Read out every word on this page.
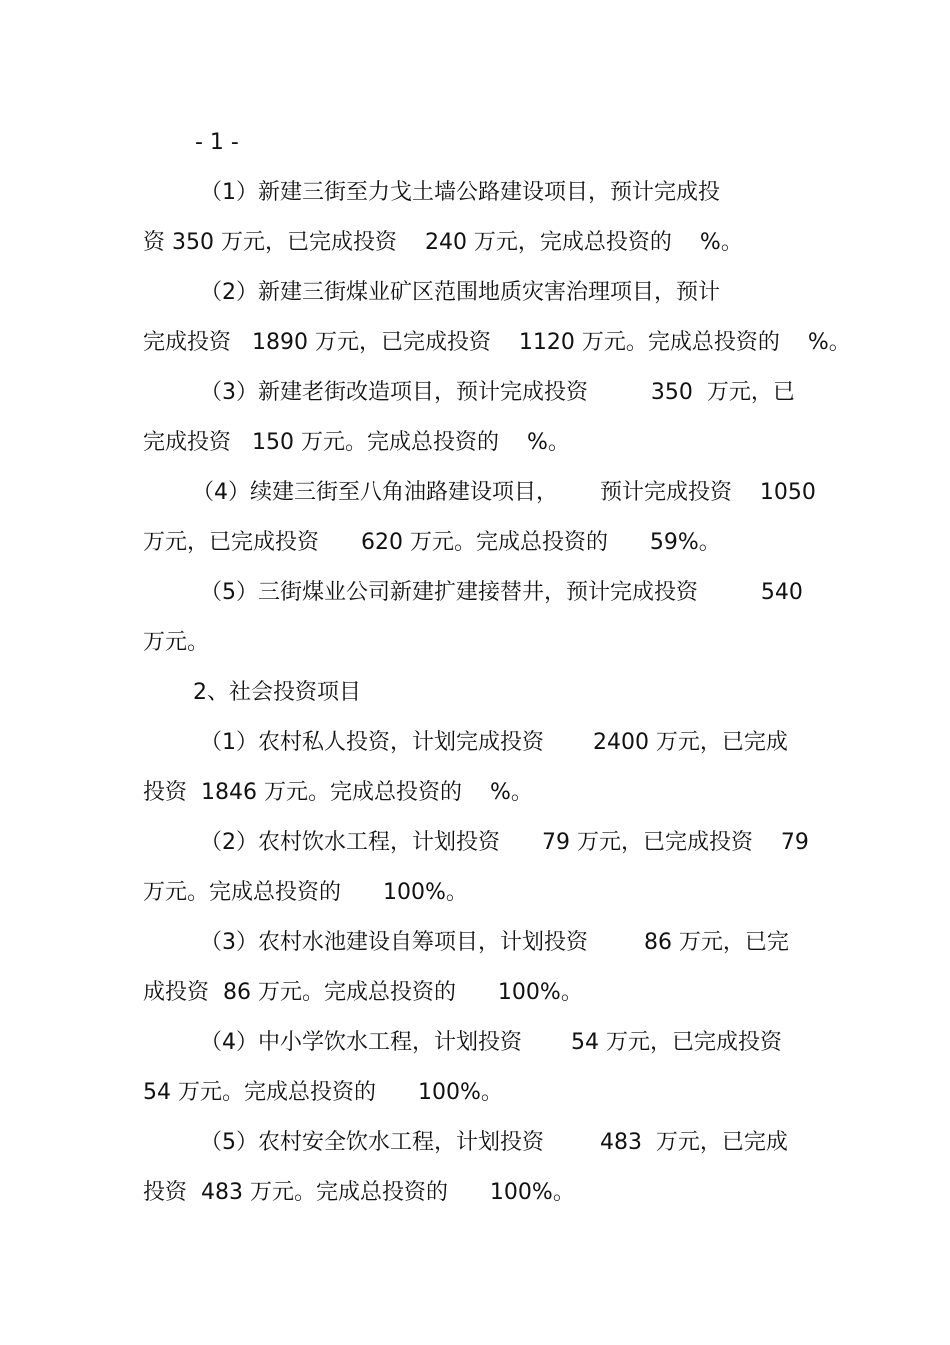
- 1 -
（1）新建三街至力戈土墙公路建设项目，预计完成投
资 350 万元，已完成投资    240 万元，完成总投资的    %。
（2）新建三街煤业矿区范围地质灾害治理项目，预计
完成投资   1890 万元，已完成投资    1120 万元。完成总投资的    %。
（3）新建老街改造项目，预计完成投资         350  万元，已
完成投资   150 万元。完成总投资的    %。
（4）续建三街至八角油路建设项目，      预计完成投资    1050
万元，已完成投资      620 万元。完成总投资的      59%。
（5）三街煤业公司新建扩建接替井，预计完成投资         540
万元。
2、社会投资项目
（1）农村私人投资，计划完成投资       2400 万元，已完成
投资  1846 万元。完成总投资的    %。
（2）农村饮水工程，计划投资      79 万元，已完成投资    79
万元。完成总投资的      100%。
（3）农村水池建设自筹项目，计划投资        86 万元，已完
成投资  86 万元。完成总投资的      100%。
（4）中小学饮水工程，计划投资       54 万元，已完成投资
54 万元。完成总投资的      100%。
（5）农村安全饮水工程，计划投资        483  万元，已完成
投资  483 万元。完成总投资的      100%。
